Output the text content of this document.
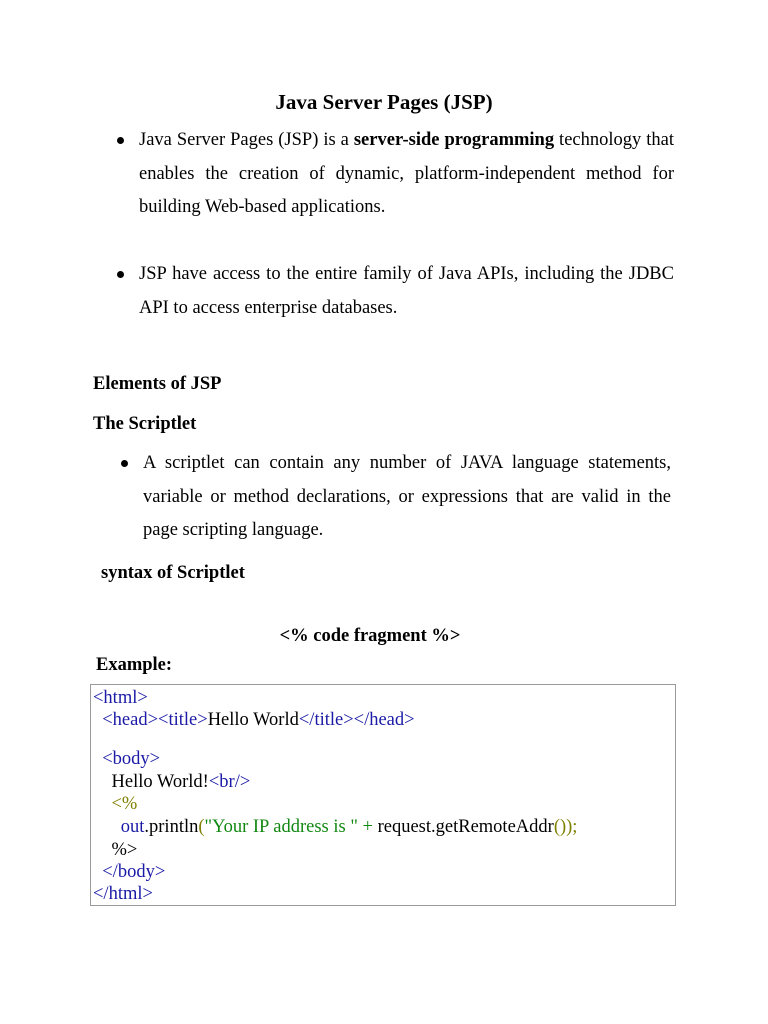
Java Server Pages (JSP)
Java Server Pages (JSP) is a server-side programming technology that enables the creation of dynamic, platform-independent method for building Web-based applications.
JSP have access to the entire family of Java APIs, including the JDBC API to access enterprise databases.
Elements of JSP
The Scriptlet
A scriptlet can contain any number of JAVA language statements, variable or method declarations, or expressions that are valid in the page scripting language.
syntax of Scriptlet
<% code fragment %>
Example:
<html>
<head><title>Hello World</title></head>
<body>
Hello World!<br/>
<%
out.println("Your IP address is " + request.getRemoteAddr());
%>
</body>
</html>
